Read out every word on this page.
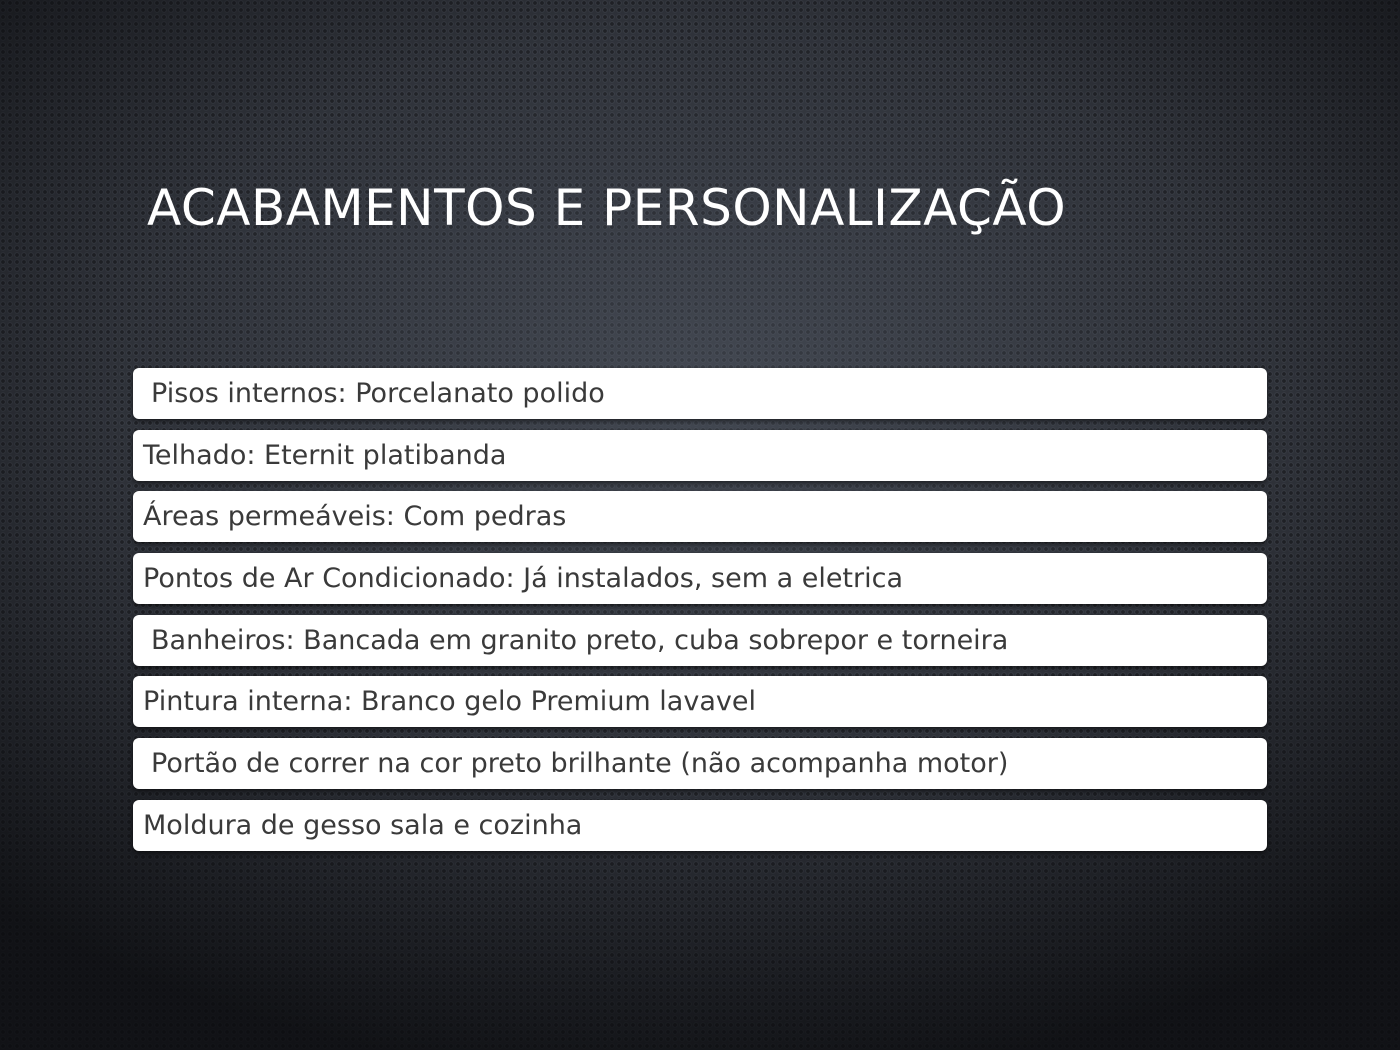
ACABAMENTOS E PERSONALIZAÇÃO
Pisos internos: Porcelanato polido
Telhado: Eternit platibanda
Áreas permeáveis: Com pedras
Pontos de Ar Condicionado: Já instalados, sem a eletrica
Banheiros: Bancada em granito preto, cuba sobrepor e torneira
Pintura interna: Branco gelo Premium lavavel
Portão de correr na cor preto brilhante (não acompanha motor)
Moldura de gesso sala e cozinha
